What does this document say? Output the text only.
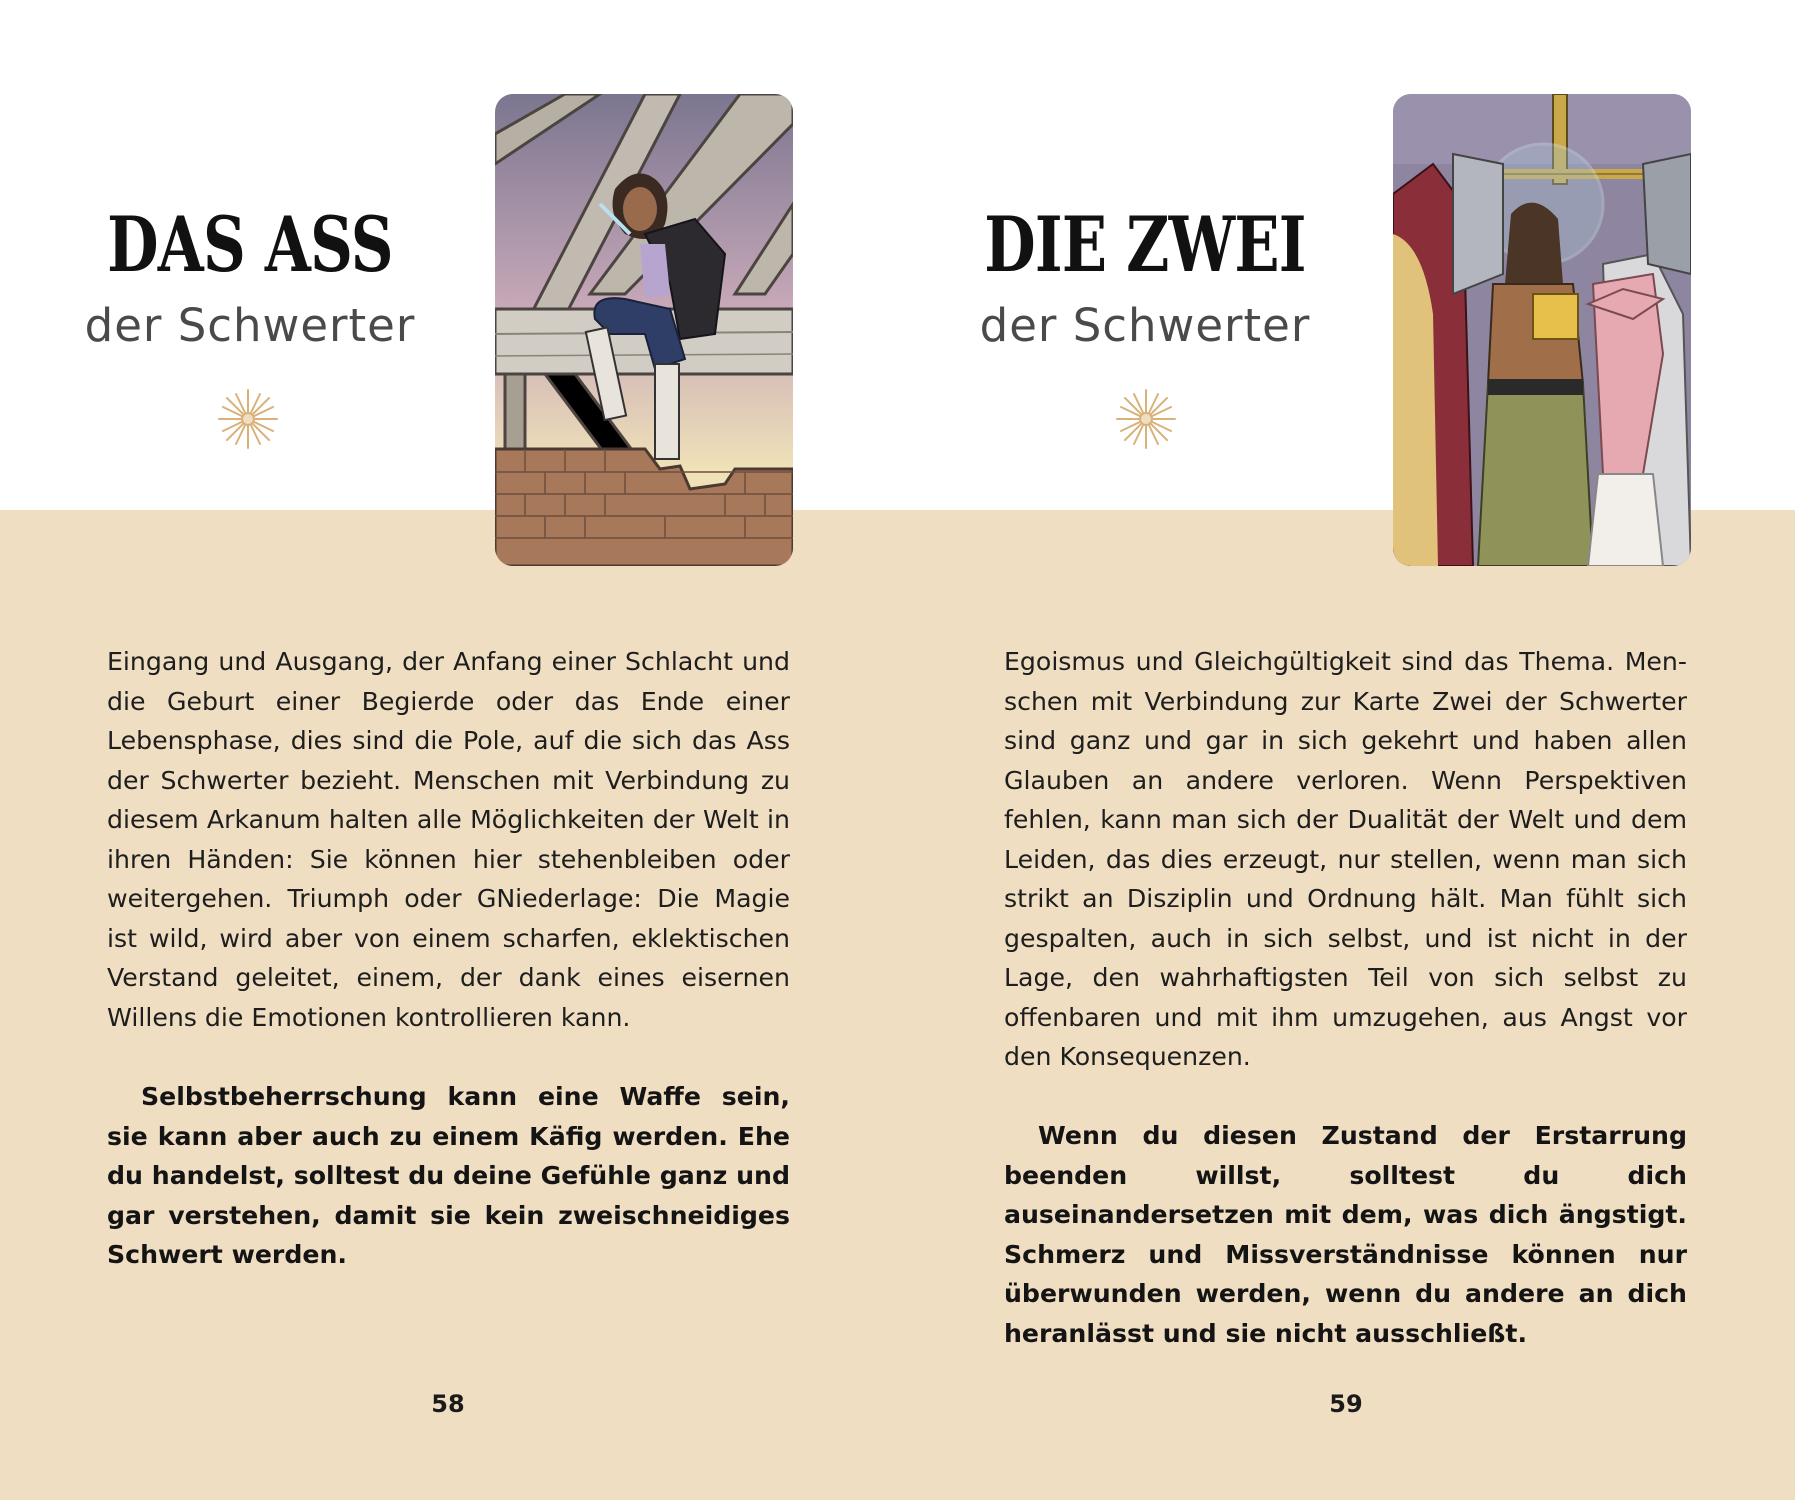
DAS ASS
der Schwerter

Eingang und Ausgang, der Anfang einer Schlacht und die Geburt einer Begierde oder das Ende einer Lebensphase, dies sind die Pole, auf die sich das Ass der Schwerter bezieht. Menschen mit Verbindung zu diesem Arkanum halten alle Möglichkeiten der Welt in ihren Händen: Sie können hier stehenbleiben oder weitergehen. Triumph oder GNiederlage: Die Magie ist wild, wird aber von einem scharfen, eklektischen Verstand geleitet, einem, der dank eines eisernen Willens die Emotionen kontrollieren kann.

Selbstbeherrschung kann eine Waffe sein, sie kann aber auch zu einem Käfig werden. Ehe du handelst, solltest du deine Gefühle ganz und gar verstehen, damit sie kein zweischneidiges Schwert werden.

58
DIE ZWEI
der Schwerter

Egoismus und Gleichgültigkeit sind das Thema. Menschen mit Verbindung zur Karte Zwei der Schwerter sind ganz und gar in sich gekehrt und haben allen Glauben an andere verloren. Wenn Perspektiven fehlen, kann man sich der Dualität der Welt und dem Leiden, das dies erzeugt, nur stellen, wenn man sich strikt an Disziplin und Ordnung hält. Man fühlt sich gespalten, auch in sich selbst, und ist nicht in der Lage, den wahrhaftigsten Teil von sich selbst zu offenbaren und mit ihm umzugehen, aus Angst vor den Konsequenzen.

Wenn du diesen Zustand der Erstarrung beenden willst, solltest du dich auseinandersetzen mit dem, was dich ängstigt. Schmerz und Missverständnisse können nur überwunden werden, wenn du andere an dich heranlässt und sie nicht ausschließt.

59
